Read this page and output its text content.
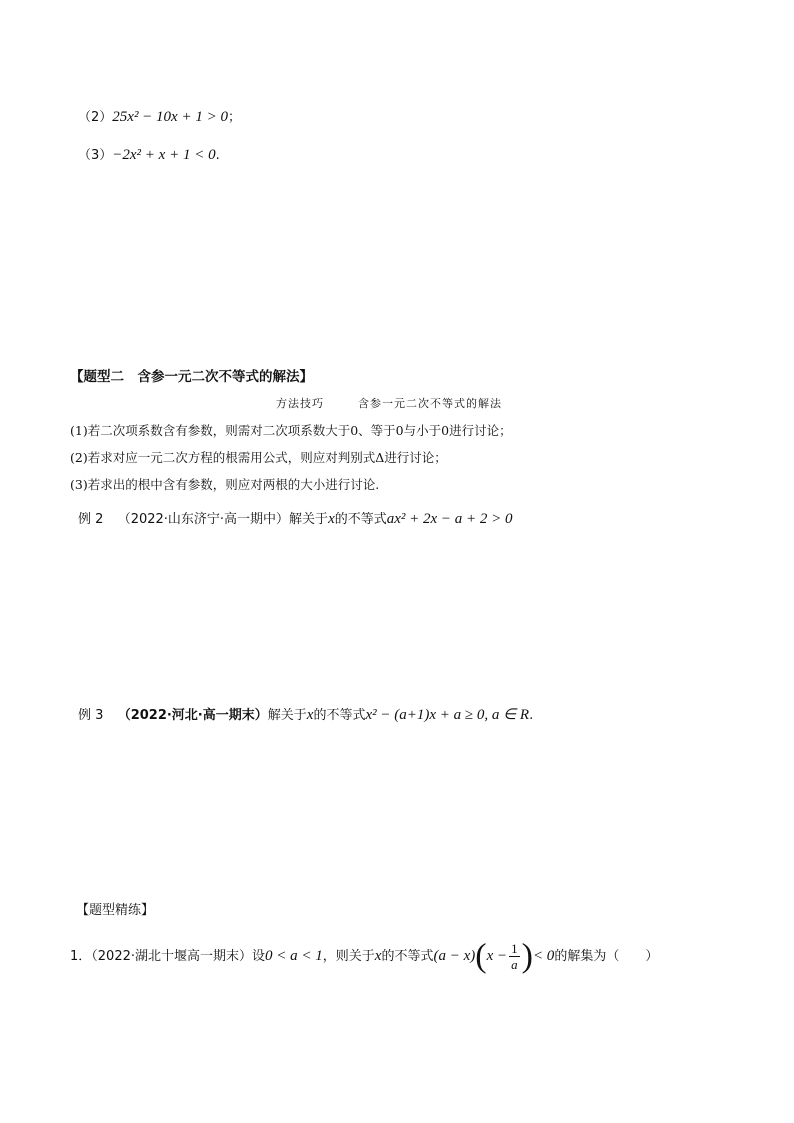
（2）25x² − 10x + 1 > 0；
（3）−2x² + x + 1 < 0.
【题型二　含参一元二次不等式的解法】
方法技巧	含参一元二次不等式的解法
(1)若二次项系数含有参数，则需对二次项系数大于0、等于0与小于0进行讨论；
(2)若求对应一元二次方程的根需用公式，则应对判别式Δ进行讨论；
(3)若求出的根中含有参数，则应对两根的大小进行讨论.
例 2 （2022·山东济宁·高一期中）解关于x的不等式ax² + 2x − a + 2 > 0
例 3 （2022·河北·高一期末）解关于x的不等式x² − (a+1)x + a ≥ 0, a ∈ R.
【题型精练】
1．（2022·湖北十堰高一期末）设0 < a < 1，则关于x的不等式$(a - x)(x - \frac{1}{a}$ )< 0的解集为（　　）
